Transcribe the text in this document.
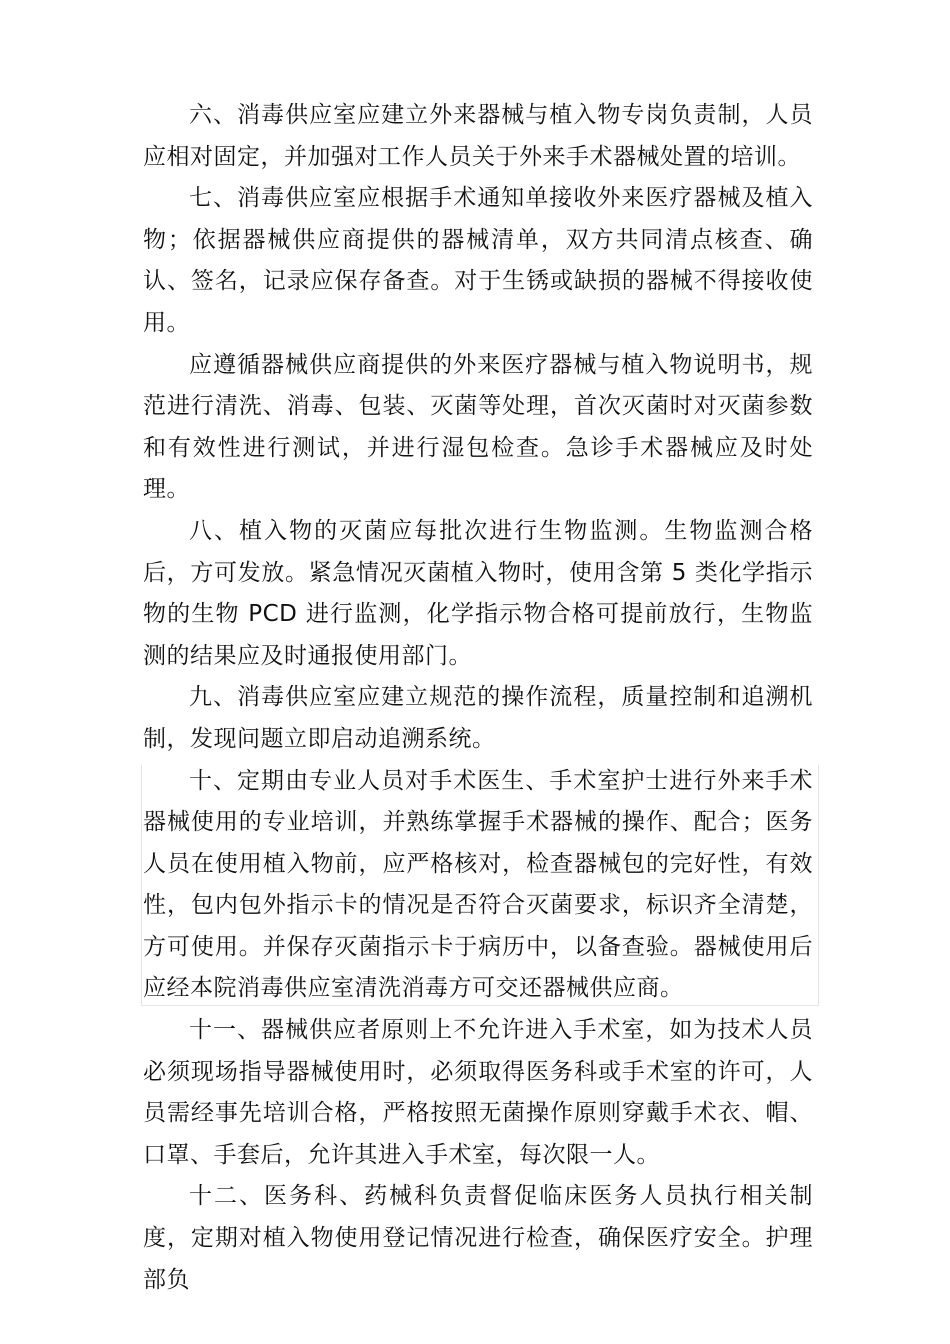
六、消毒供应室应建立外来器械与植入物专岗负责制，人员应相对固定，并加强对工作人员关于外来手术器械处置的培训。

七、消毒供应室应根据手术通知单接收外来医疗器械及植入物；依据器械供应商提供的器械清单，双方共同清点核查、确认、签名，记录应保存备查。对于生锈或缺损的器械不得接收使用。

应遵循器械供应商提供的外来医疗器械与植入物说明书，规范进行清洗、消毒、包装、灭菌等处理，首次灭菌时对灭菌参数和有效性进行测试，并进行湿包检查。急诊手术器械应及时处理。

八、植入物的灭菌应每批次进行生物监测。生物监测合格后，方可发放。紧急情况灭菌植入物时，使用含第 5 类化学指示物的生物 PCD 进行监测，化学指示物合格可提前放行，生物监测的结果应及时通报使用部门。

九、消毒供应室应建立规范的操作流程，质量控制和追溯机制，发现问题立即启动追溯系统。

十、定期由专业人员对手术医生、手术室护士进行外来手术器械使用的专业培训，并熟练掌握手术器械的操作、配合；医务人员在使用植入物前，应严格核对，检查器械包的完好性，有效性，包内包外指示卡的情况是否符合灭菌要求，标识齐全清楚，方可使用。并保存灭菌指示卡于病历中，以备查验。器械使用后应经本院消毒供应室清洗消毒方可交还器械供应商。

十一、器械供应者原则上不允许进入手术室，如为技术人员必须现场指导器械使用时，必须取得医务科或手术室的许可，人员需经事先培训合格，严格按照无菌操作原则穿戴手术衣、帽、口罩、手套后，允许其进入手术室，每次限一人。

十二、医务科、药械科负责督促临床医务人员执行相关制度，定期对植入物使用登记情况进行检查，确保医疗安全。护理部负
